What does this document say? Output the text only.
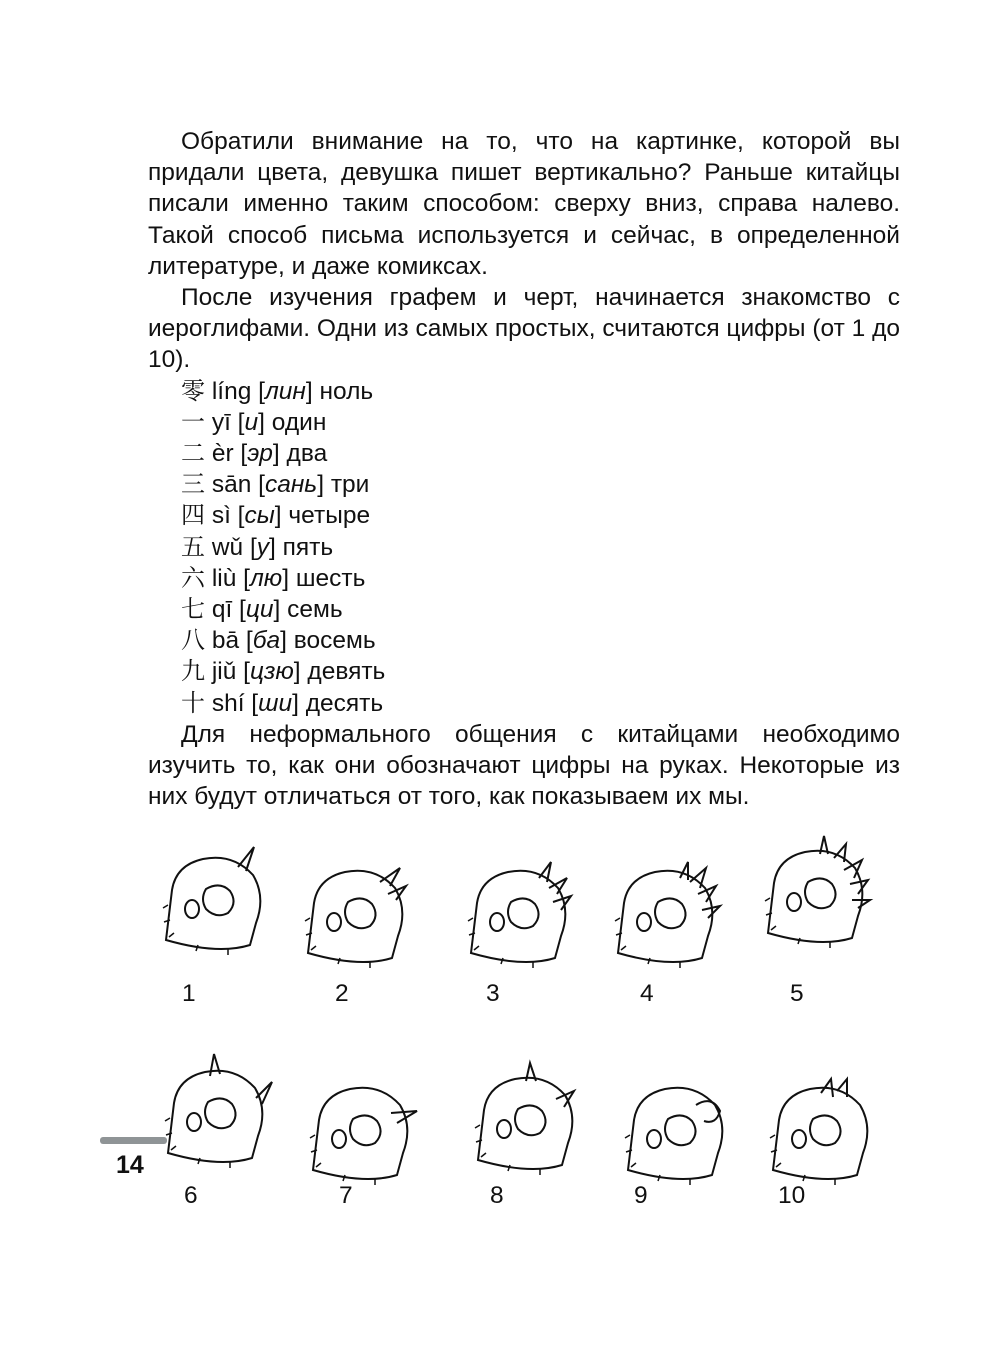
Обратили внимание на то, что на картинке, которой вы придали цвета, девушка пишет вертикально? Раньше китайцы писали именно таким способом: сверху вниз, справа налево. Такой способ письма используется и сейчас, в определенной литературе, и даже комиксах.

После изучения графем и черт, начинается знакомство с иероглифами. Одни из самых простых, считаются цифры (от 1 до 10).

零 líng [лин] ноль
一 yī [и] один
二 èr [эр] два
三 sān [сань] три
四 sì [сы] четыре
五 wǔ [у] пять
六 liù [лю] шесть
七 qī [ци] семь
八 bā [ба] восемь
九 jiǔ [цзю] девять
十 shí [ши] десять

Для неформального общения с китайцами необходимо изучить то, как они обозначают цифры на руках. Некоторые из них будут отличаться от того, как показываем их мы.

1	2	3	4	5
6	7	8	9	10
14
